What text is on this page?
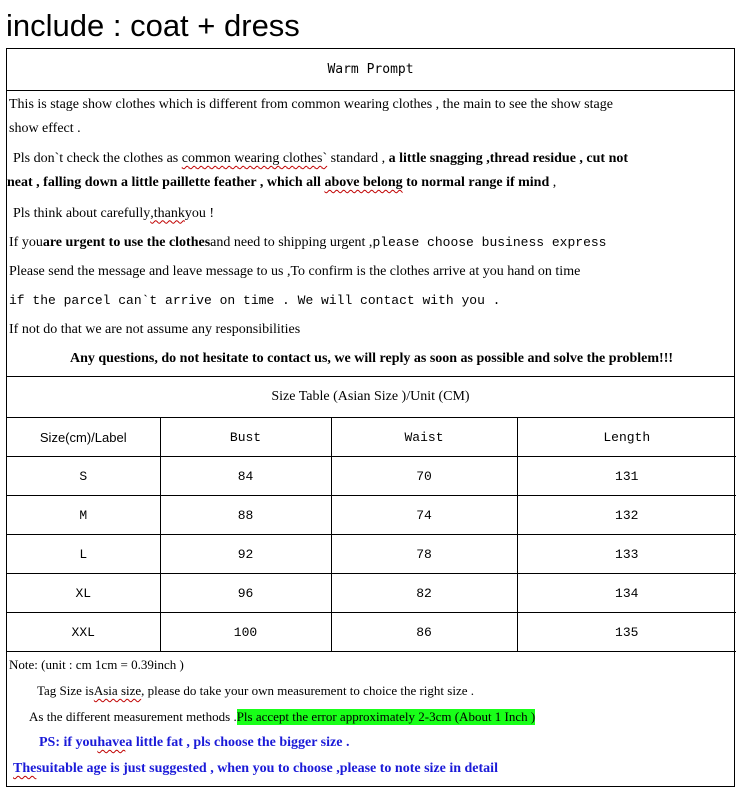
include : coat + dress
Warm Prompt
This is stage show clothes which is different from common wearing clothes , the main to see the show stage
show effect .
Pls don`t check the clothes as common wearing clothes` standard , a little snagging ,thread residue , cut not
neat , falling down a little paillette feather , which all above belong to normal range if mind ,
Pls think about carefully ,thank you !
If you are urgent to use the clothes and need to shipping urgent , please choose business express
Please send the message and leave message to us ,To confirm is the clothes arrive at you hand on time
if the parcel can`t arrive on time . We will contact with you .
If not do that we are not assume any responsibilities
Any questions, do not hesitate to contact us, we will reply as soon as possible and solve the problem!!!
Size Table (Asian Size )/Unit (CM)
Size(cm)/Label	Bust	Waist	Length
S	84	70	131
M	88	74	132
L	92	78	133
XL	96	82	134
XXL	100	86	135
Note: (unit : cm 1cm = 0.39inch )
Tag Size is Asia size , please do take your own measurement to choice the right size .
As the different measurement methods . Pls accept the error approximately 2-3cm (About 1 Inch )
PS: if you have a little fat , pls choose the bigger size .
The suitable age is just suggested , when you to choose ,please to note size in detail
